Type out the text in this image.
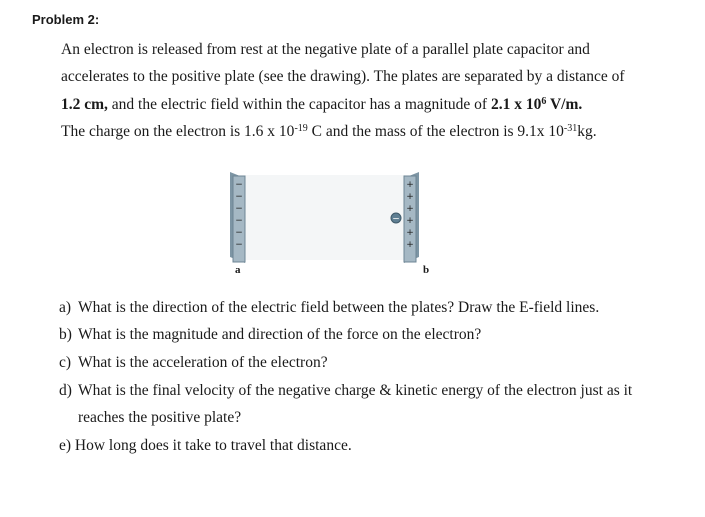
Problem 2:
An electron is released from rest at the negative plate of a parallel plate capacitor and
accelerates to the positive plate (see the drawing). The plates are separated by a distance of
1.2 cm, and the electric field within the capacitor has a magnitude of 2.1 x $10^6$ V/m.
The charge on the electron is 1.6 x $10^{-19}$ C and the mass of the electron is 9.1x $10^{-31}kg$.
−
−
−
−
−
−
+
+
+
+
+
+
−
a	b
a) What is the direction of the electric field between the plates? Draw the E-field lines.
b) What is the magnitude and direction of the force on the electron?
c) What is the acceleration of the electron?
d) What is the final velocity of the negative charge & kinetic energy of the electron just as it
reaches the positive plate?
e) How long does it take to travel that distance.
